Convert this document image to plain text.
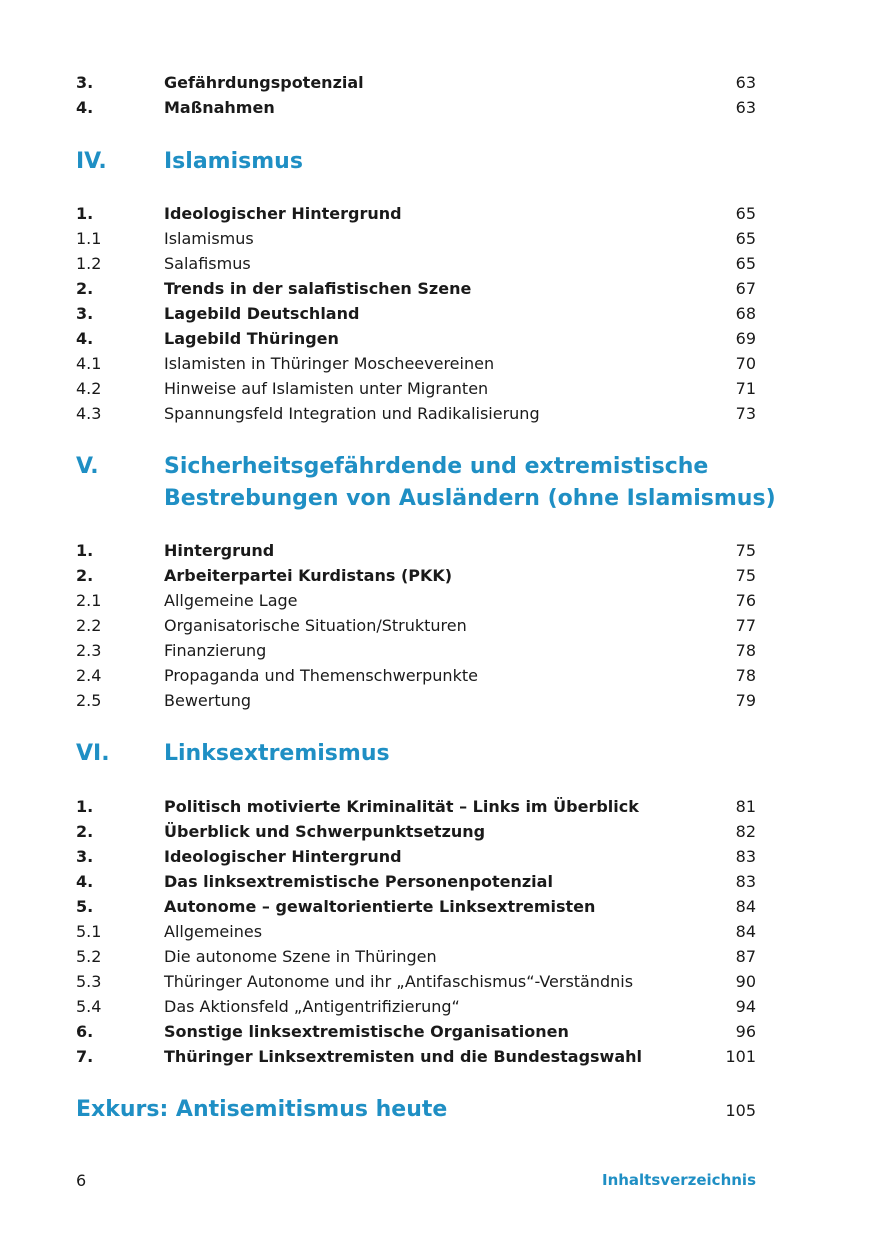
3.	Gefährdungspotenzial	63
4.	Maßnahmen	63
IV.	Islamismus
1.	Ideologischer Hintergrund	65
1.1	Islamismus	65
1.2	Salafismus	65
2.	Trends in der salafistischen Szene	67
3.	Lagebild Deutschland	68
4.	Lagebild Thüringen	69
4.1	Islamisten in Thüringer Moscheevereinen	70
4.2	Hinweise auf Islamisten unter Migranten	71
4.3	Spannungsfeld Integration und Radikalisierung	73
V.	Sicherheitsgefährdende und extremistische
Bestrebungen von Ausländern (ohne Islamismus)
1.	Hintergrund	75
2.	Arbeiterpartei Kurdistans (PKK)	75
2.1	Allgemeine Lage	76
2.2	Organisatorische Situation/Strukturen	77
2.3	Finanzierung	78
2.4	Propaganda und Themenschwerpunkte	78
2.5	Bewertung	79
VI. Linksextremismus
1.	Politisch motivierte Kriminalität – Links im Überblick	81
2.	Überblick und Schwerpunktsetzung	82
3.	Ideologischer Hintergrund	83
4.	Das linksextremistische Personenpotenzial	83
5.	Autonome – gewaltorientierte Linksextremisten	84
5.1	Allgemeines	84
5.2	Die autonome Szene in Thüringen	87
5.3	Thüringer Autonome und ihr „Antifaschismus“-Verständnis	90
5.4	Das Aktionsfeld „Antigentrifizierung“	94
6.	Sonstige linksextremistische Organisationen	96
7.	Thüringer Linksextremisten und die Bundestagswahl	101
Exkurs: Antisemitismus heute	105
6	Inhaltsverzeichnis
